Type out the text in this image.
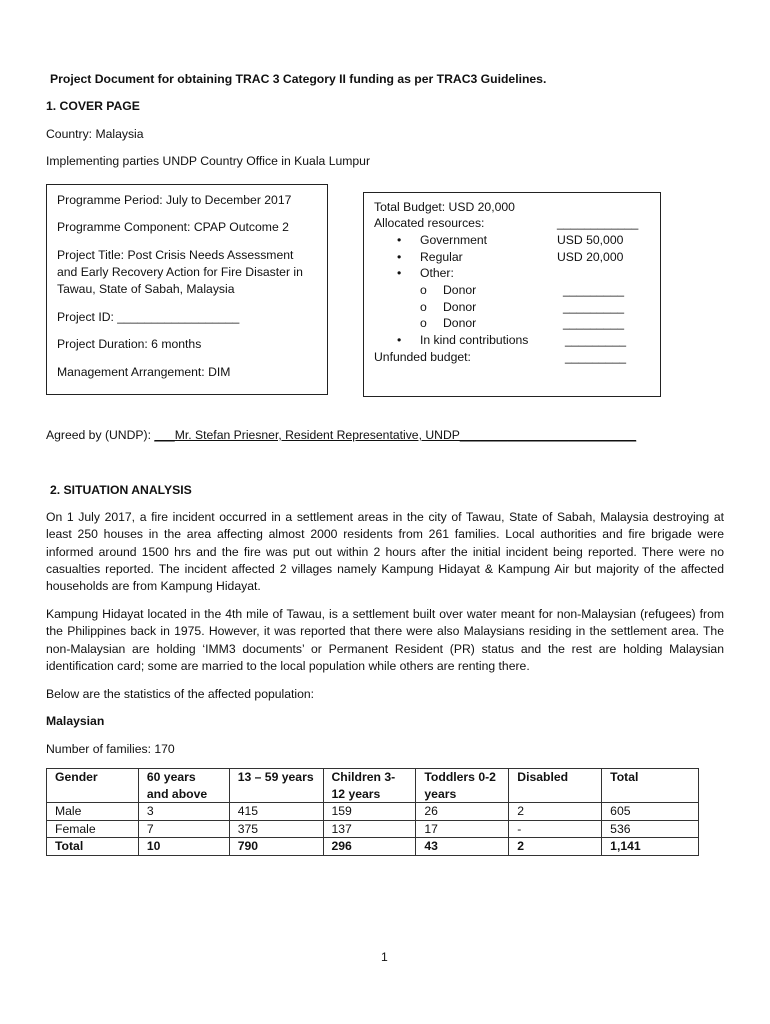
Project Document for obtaining TRAC 3 Category II funding as per TRAC3 Guidelines.
1. COVER PAGE
Country: Malaysia
Implementing parties UNDP Country Office in Kuala Lumpur
Programme Period: July to December 2017
Programme Component: CPAP Outcome 2
Project Title: Post Crisis Needs Assessment
and Early Recovery Action for Fire Disaster in
Tawau, State of Sabah, Malaysia
Project ID: __________________
Project Duration: 6 months
Management Arrangement: DIM
Total Budget: USD 20,000
Allocated resources:	____________
• Government	USD 50,000
• Regular	USD 20,000
• Other:
o Donor	_________
o Donor	_________
o Donor	_________
• In kind contributions	_________
Unfunded budget:	_________
Agreed by (UNDP): ___Mr. Stefan Priesner, Resident Representative, UNDP__________________________
2. SITUATION ANALYSIS
On 1 July 2017, a fire incident occurred in a settlement areas in the city of Tawau, State of Sabah, Malaysia destroying at least 250 houses in the area affecting almost 2000 residents from 261 families. Local authorities and fire brigade were informed around 1500 hrs and the fire was put out within 2 hours after the initial incident being reported. There were no casualties reported. The incident affected 2 villages namely Kampung Hidayat & Kampung Air but majority of the affected households are from Kampung Hidayat.
Kampung Hidayat located in the 4th mile of Tawau, is a settlement built over water meant for non-Malaysian (refugees) from the Philippines back in 1975. However, it was reported that there were also Malaysians residing in the settlement area. The non-Malaysian are holding ‘IMM3 documents’ or Permanent Resident (PR) status and the rest are holding Malaysian identification card; some are married to the local population while others are renting there.
Below are the statistics of the affected population:
Malaysian
Number of families: 170
Gender	60 years and above	13 – 59 years	Children 3-12 years	Toddlers 0-2 years	Disabled	Total
Male	3	415	159	26	2	605
Female	7	375	137	17	-	536
Total	10	790	296	43	2	1,141
1
